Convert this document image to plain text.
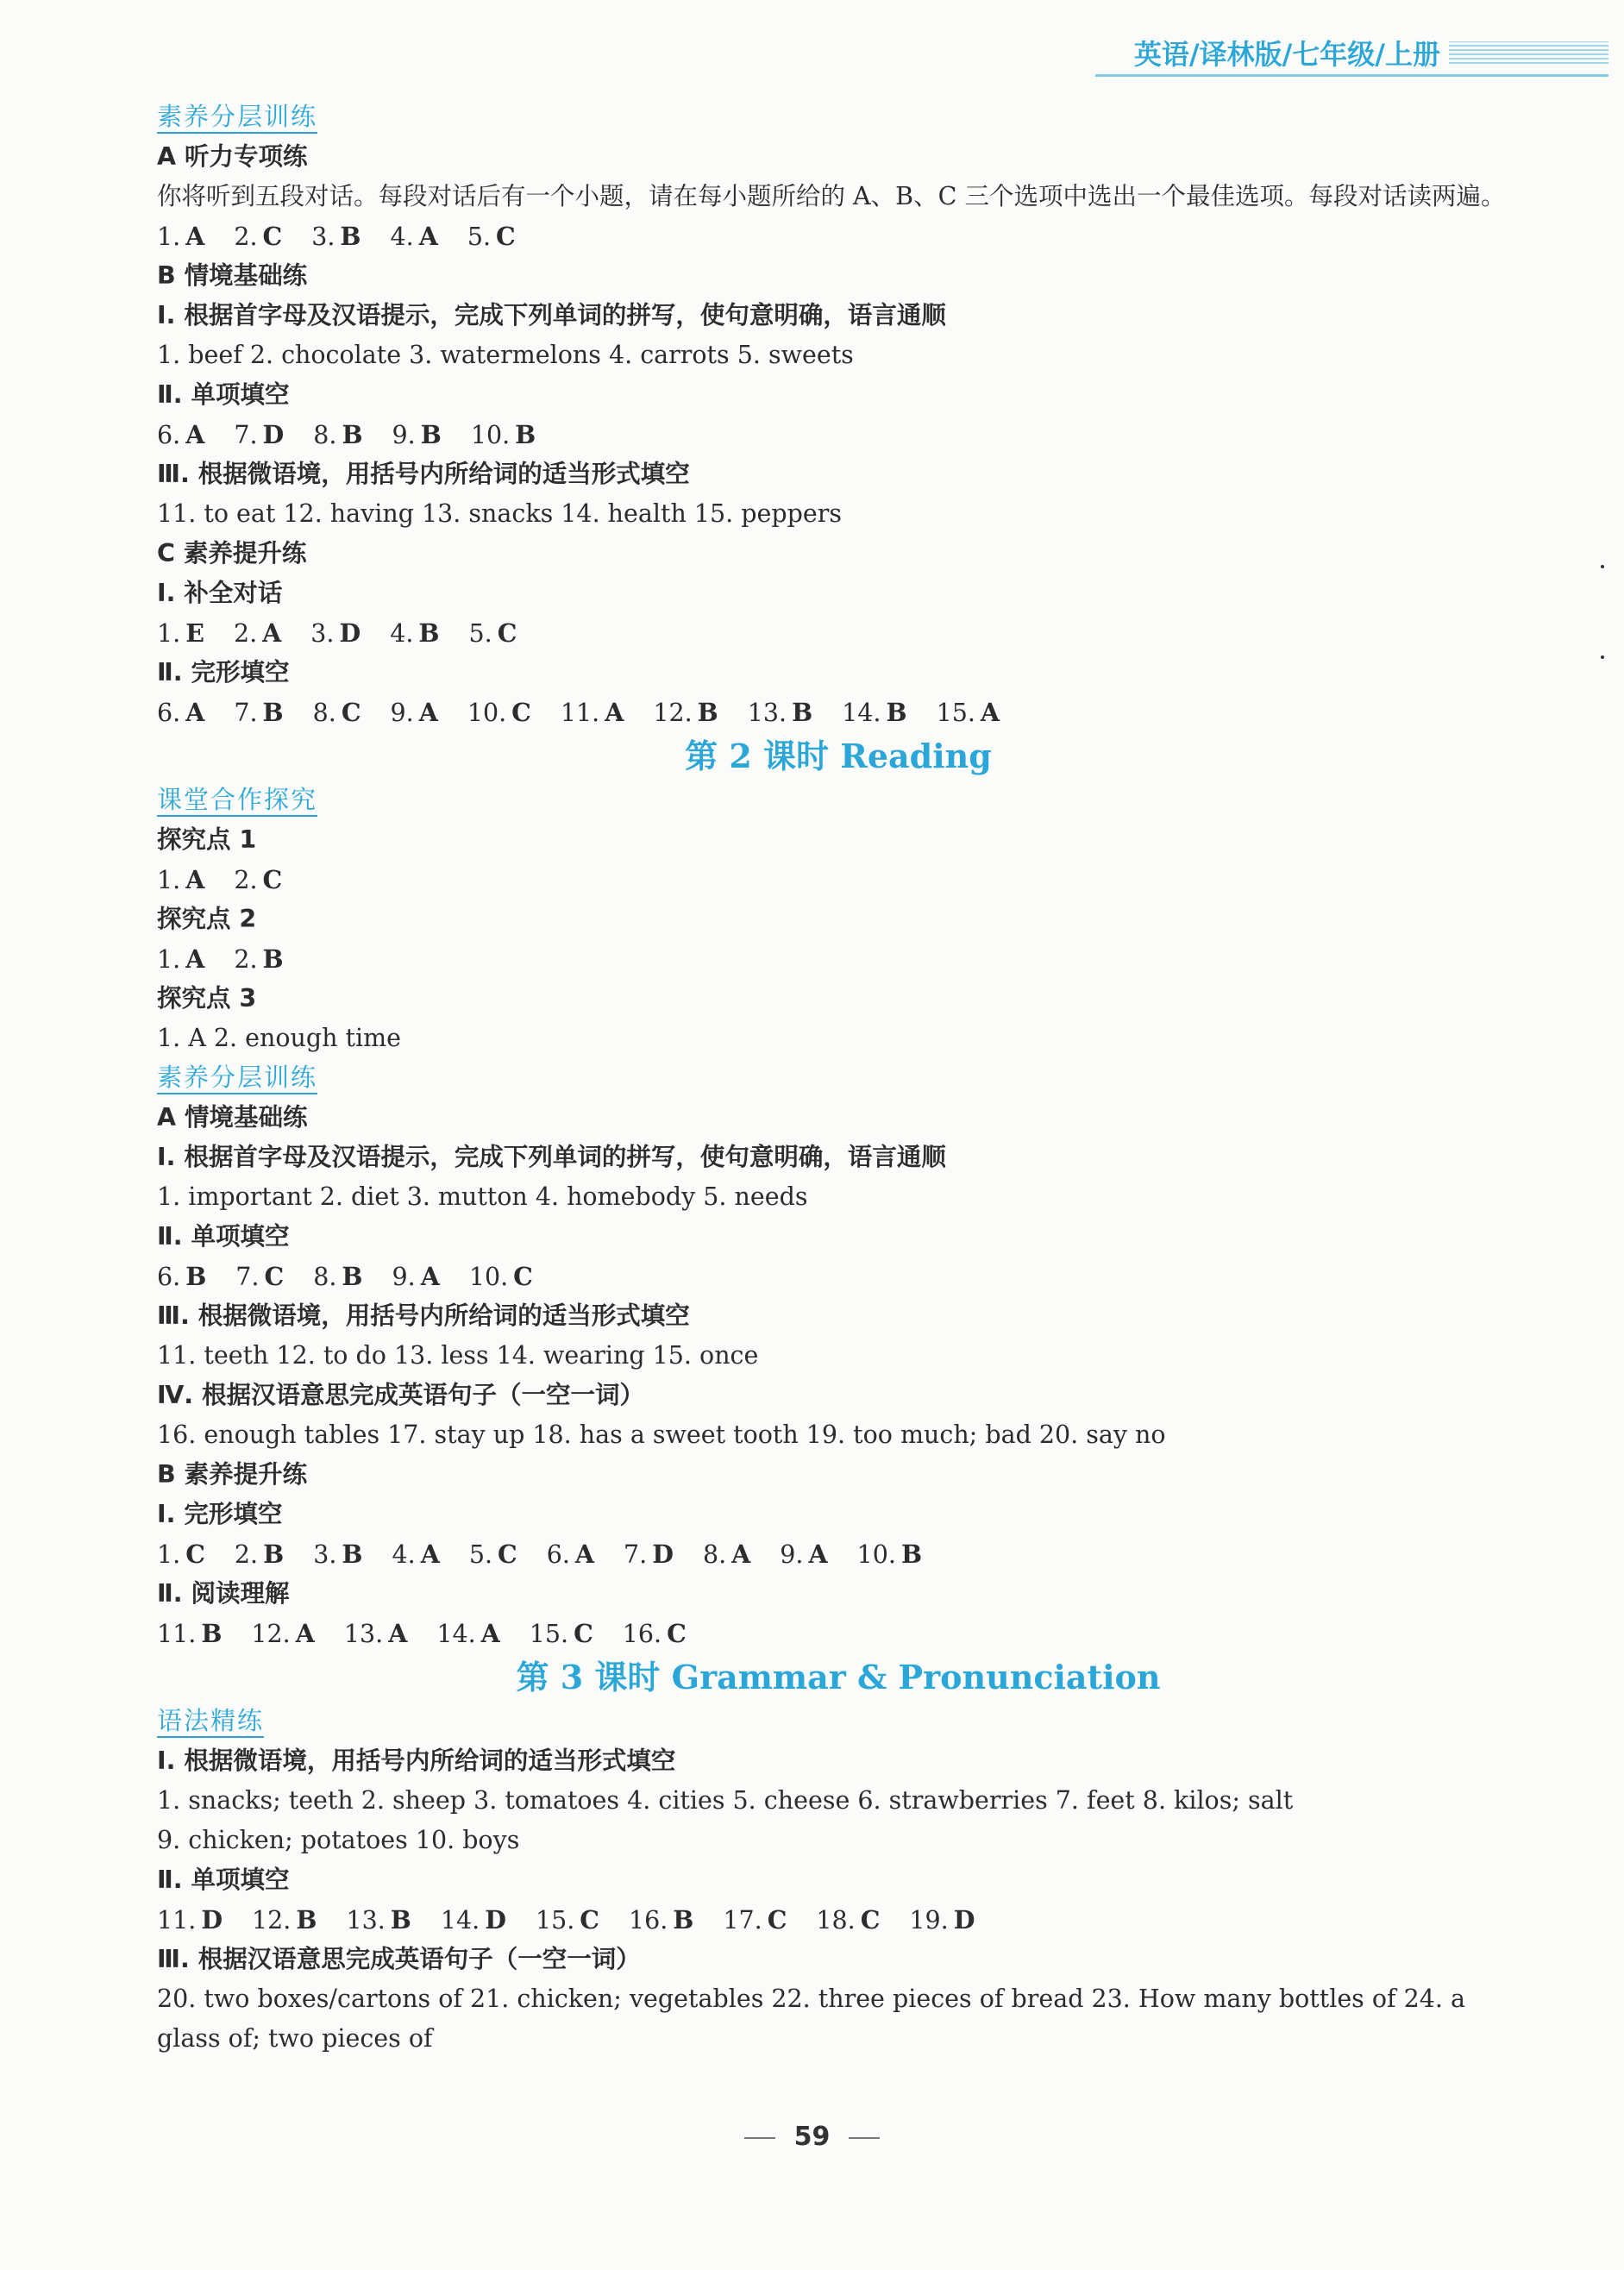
英语/译林版/七年级/上册
素养分层训练
A 听力专项练
你将听到五段对话。每段对话后有一个小题，请在每小题所给的 A、B、C 三个选项中选出一个最佳选项。每段对话读两遍。
1. A 2. C 3. B 4. A 5. C
B 情境基础练
Ⅰ. 根据首字母及汉语提示，完成下列单词的拼写，使句意明确，语言通顺
1. beef 2. chocolate 3. watermelons 4. carrots 5. sweets
Ⅱ. 单项填空
6. A 7. D 8. B 9. B 10. B
Ⅲ. 根据微语境，用括号内所给词的适当形式填空
11. to eat 12. having 13. snacks 14. health 15. peppers
C 素养提升练
Ⅰ. 补全对话
1. E 2. A 3. D 4. B 5. C
Ⅱ. 完形填空
6. A 7. B 8. C 9. A 10. C 11. A 12. B 13. B 14. B 15. A
第 2 课时 Reading
课堂合作探究
探究点 1
1. A 2. C
探究点 2
1. A 2. B
探究点 3
1. A 2. enough time
素养分层训练
A 情境基础练
Ⅰ. 根据首字母及汉语提示，完成下列单词的拼写，使句意明确，语言通顺
1. important 2. diet 3. mutton 4. homebody 5. needs
Ⅱ. 单项填空
6. B 7. C 8. B 9. A 10. C
Ⅲ. 根据微语境，用括号内所给词的适当形式填空
11. teeth 12. to do 13. less 14. wearing 15. once
Ⅳ. 根据汉语意思完成英语句子（一空一词）
16. enough tables 17. stay up 18. has a sweet tooth 19. too much; bad 20. say no
B 素养提升练
Ⅰ. 完形填空
1. C 2. B 3. B 4. A 5. C 6. A 7. D 8. A 9. A 10. B
Ⅱ. 阅读理解
11. B 12. A 13. A 14. A 15. C 16. C
第 3 课时 Grammar & Pronunciation
语法精练
Ⅰ. 根据微语境，用括号内所给词的适当形式填空
1. snacks; teeth 2. sheep 3. tomatoes 4. cities 5. cheese 6. strawberries 7. feet 8. kilos; salt
9. chicken; potatoes 10. boys
Ⅱ. 单项填空
11. D 12. B 13. B 14. D 15. C 16. B 17. C 18. C 19. D
Ⅲ. 根据汉语意思完成英语句子（一空一词）
20. two boxes/cartons of 21. chicken; vegetables 22. three pieces of bread 23. How many bottles of 24. a glass of; two pieces of
59
